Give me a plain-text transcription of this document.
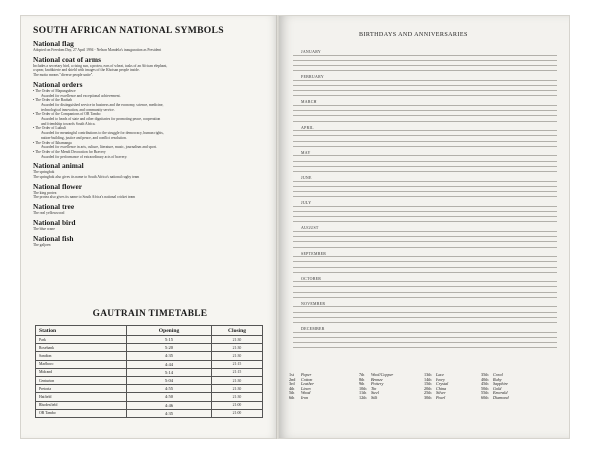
SOUTH AFRICAN NATIONAL SYMBOLS
National flag
Adopted on Freedom Day, 27 April 1994 - Nelson Mandela's inauguration as President
National coat of arms
Includes a secretary bird, a rising sun, a protea, ears of wheat, tusks of an African elephant,
a spear, knobkierie and shield with images of the Khoisan people inside.
The motto means "diverse people unite".
National orders
• The Order of Mapungubwe
Awarded for excellence and exceptional achievement.
• The Order of the Baobab
Awarded for distinguished service in business and the economy, science, medicine,
technological innovation, and community service.
• The Order of the Companions of OR Tambo
Awarded to heads of state and other dignitaries for promoting peace, cooperation
and friendship towards South Africa.
• The Order of Luthuli
Awarded for meaningful contributions to the struggle for democracy, human rights,
nation-building, justice and peace, and conflict resolution.
• The Order of Ikhamanga
Awarded for excellence in arts, culture, literature, music, journalism and sport.
• The Order of the Mendi Decoration for Bravery
Awarded for performance of extraordinary acts of bravery.
National animal
The springbok
The springbok also gives its name to South Africa's national rugby team
National flower
The king protea
The protea also gives its name to South Africa's national cricket team
National tree
The real yellowwood
National bird
The blue crane
National fish
The galjoen
GAUTRAIN TIMETABLE
Station	Opening	Closing
Park	5:15	21:30
Rosebank	5:20	21:30
Sandton	4:35	21:30
Marlboro	4:44	21:15
Midrand	5:14	21:15
Centurion	5:04	21:30
Pretoria	4:55	21:30
Hatfield	4:50	21:30
Rhodesfield	4:46	21:00
OR Tambo	4:35	21:00
BIRTHDAYS AND ANNIVERSARIES
JANUARY
FEBRUARY
MARCH
APRIL
MAY
JUNE
JULY
AUGUST
SEPTEMBER
OCTOBER
NOVEMBER
DECEMBER
1st Paper
2nd Cotton
3rd Leather
4th Linen
5th Wood
6th Iron
7th Wool/Copper
8th Bronze
9th Pottery
10th Tin
11th Steel
12th Silk
13th Lace
14th Ivory
15th Crystal
20th China
25th Silver
30th Pearl
35th Coral
40th Ruby
45th Sapphire
50th Gold
55th Emerald
60th Diamond
